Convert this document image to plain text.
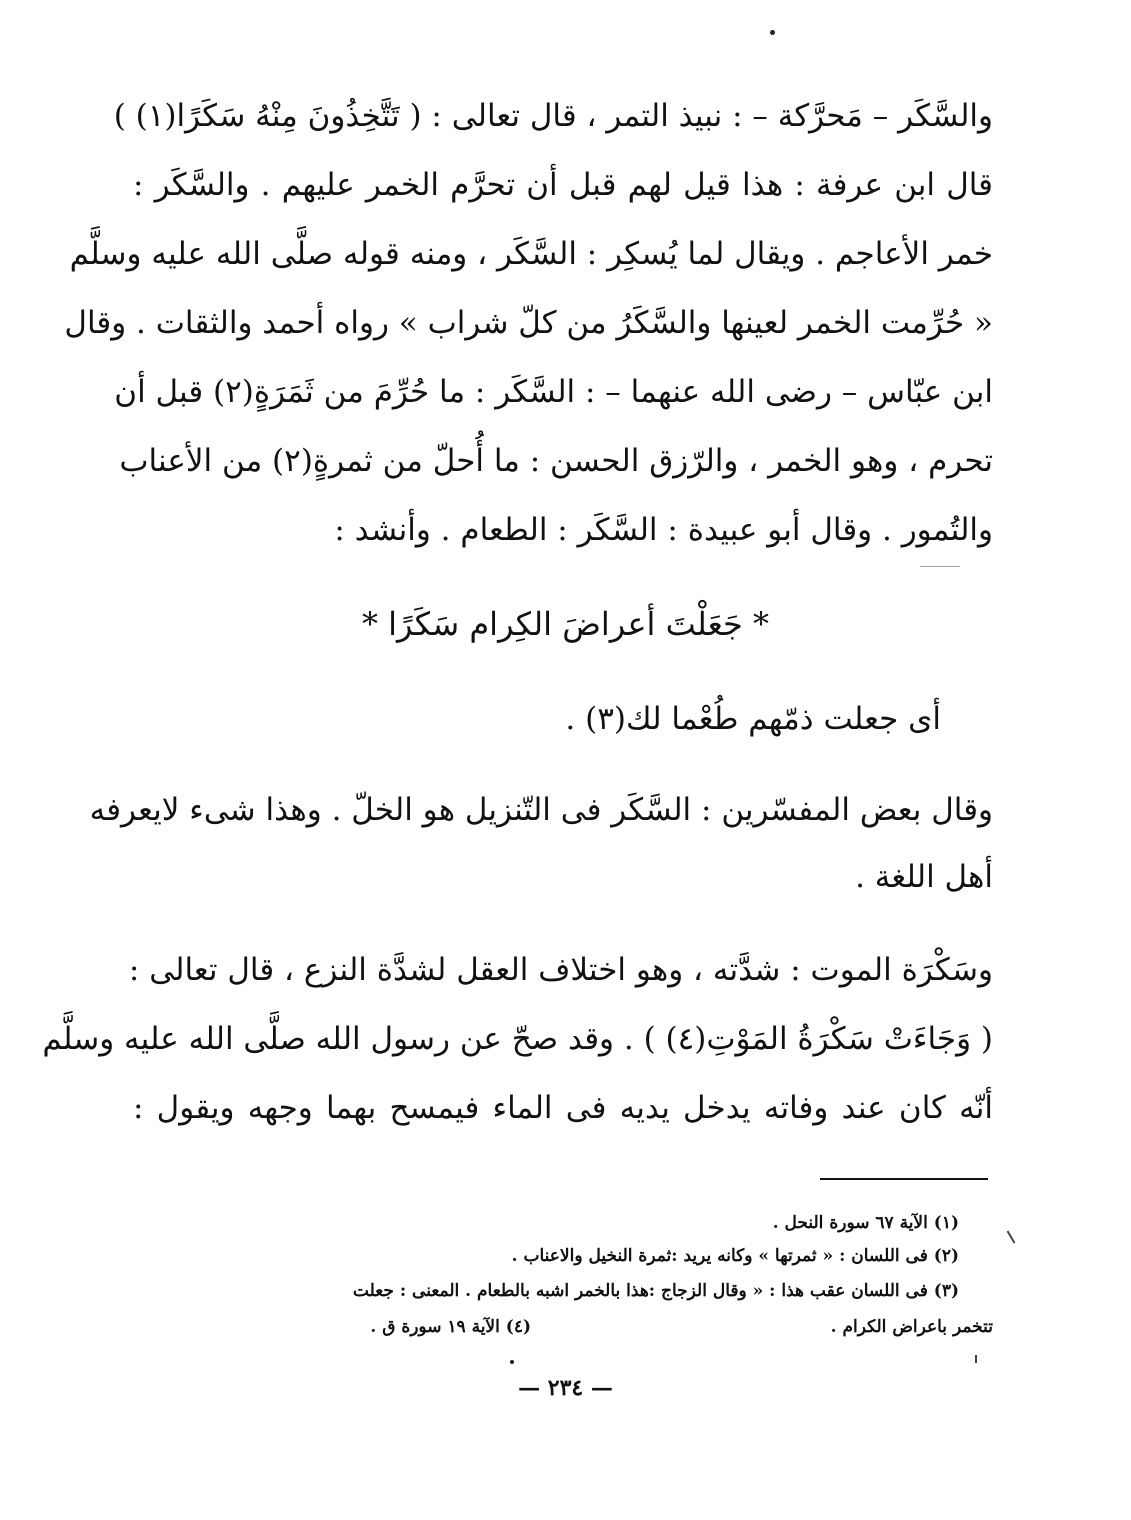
والسَّكَر – مَحرَّكة – : نبيذ التمر ، قال تعالى : ( تَتَّخِذُونَ مِنْهُ سَكَرًا(١) )
قال ابن عرفة : هذا قيل لهم قبل أن تحرَّم الخمر عليهم . والسَّكَر :
خمر الأعاجم . ويقال لما يُسكِر : السَّكَر ، ومنه قوله صلَّى الله عليه وسلَّم
« حُرِّمت الخمر لعينها والسَّكَرُ من كلّ شراب » رواه أحمد والثقات . وقال
ابن عبّاس – رضى الله عنهما – : السَّكَر : ما حُرِّمَ من ثَمَرَةٍ(٢) قبل أن
تحرم ، وهو الخمر ، والرّزق الحسن : ما أُحلّ من ثمرةٍ(٢) من الأعناب
والتُمور . وقال أبو عبيدة : السَّكَر : الطعام . وأنشد :
* جَعَلْتَ أعراضَ الكِرام سَكَرًا *
أى جعلت ذمّهم طُعْما لك(٣) .
وقال بعض المفسّرين : السَّكَر فى التّنزيل هو الخلّ . وهذا شىء لايعرفه
أهل اللغة .
وسَكْرَة الموت : شدَّته ، وهو اختلاف العقل لشدَّة النزع ، قال تعالى :
( وَجَاءَتْ سَكْرَةُ المَوْتِ(٤) ) . وقد صحّ عن رسول الله صلَّى الله عليه وسلَّم
أنّه كان عند وفاته يدخل يديه فى الماء فيمسح بهما وجهه ويقول :
(١) الآية ٦٧ سورة النحل .
(٢) فى اللسان : « ثمرتها » وكانه يريد :ثمرة النخيل والاعناب .
(٣) فى اللسان عقب هذا : « وقال الزجاج :هذا بالخمر اشبه بالطعام . المعنى : جعلت
تتخمر باعراض الكرام .
(٤) الآية ١٩ سورة ق .
— ٢٣٤ —
